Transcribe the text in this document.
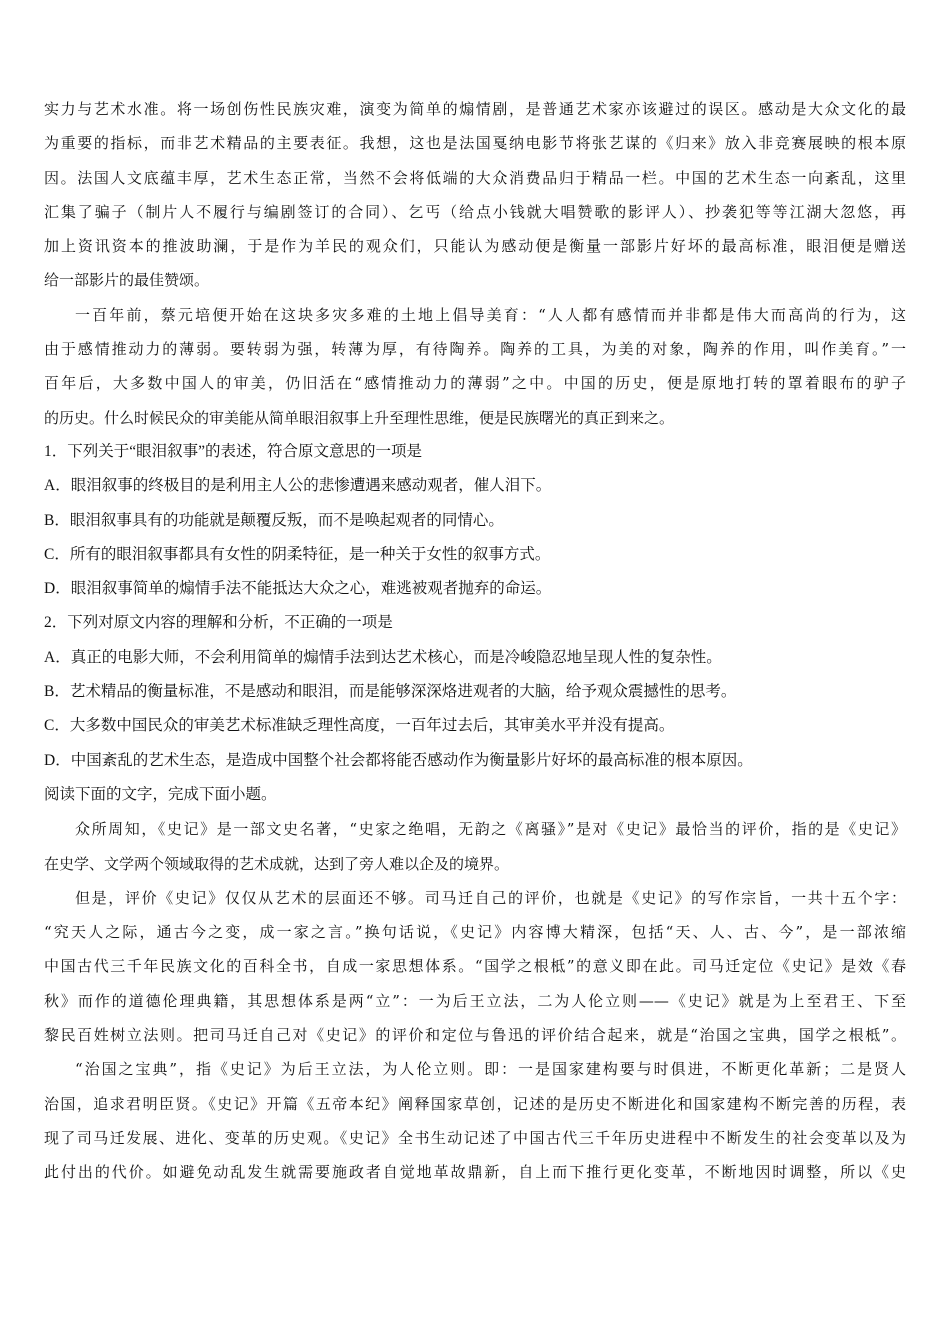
实力与艺术水准。将一场创伤性民族灾难，演变为简单的煽情剧，是普通艺术家亦该避过的误区。感动是大众文化的最
为重要的指标，而非艺术精品的主要表征。我想，这也是法国戛纳电影节将张艺谋的《归来》放入非竞赛展映的根本原
因。法国人文底蕴丰厚，艺术生态正常，当然不会将低端的大众消费品归于精品一栏。中国的艺术生态一向紊乱，这里
汇集了骗子（制片人不履行与编剧签订的合同）、乞丐（给点小钱就大唱赞歌的影评人）、抄袭犯等等江湖大忽悠，再
加上资讯资本的推波助澜，于是作为羊民的观众们，只能认为感动便是衡量一部影片好坏的最高标准，眼泪便是赠送
给一部影片的最佳赞颂。
一百年前，蔡元培便开始在这块多灾多难的土地上倡导美育：“人人都有感情而并非都是伟大而高尚的行为，这
由于感情推动力的薄弱。要转弱为强，转薄为厚，有待陶养。陶养的工具，为美的对象，陶养的作用，叫作美育。”一
百年后，大多数中国人的审美，仍旧活在“感情推动力的薄弱”之中。中国的历史，便是原地打转的罩着眼布的驴子
的历史。什么时候民众的审美能从简单眼泪叙事上升至理性思维，便是民族曙光的真正到来之。
1．下列关于“眼泪叙事”的表述，符合原文意思的一项是
A．眼泪叙事的终极目的是利用主人公的悲惨遭遇来感动观者，催人泪下。
B．眼泪叙事具有的功能就是颠覆反叛，而不是唤起观者的同情心。
C．所有的眼泪叙事都具有女性的阴柔特征，是一种关于女性的叙事方式。
D．眼泪叙事简单的煽情手法不能抵达大众之心，难逃被观者抛弃的命运。
2．下列对原文内容的理解和分析，不正确的一项是
A．真正的电影大师，不会利用简单的煽情手法到达艺术核心，而是冷峻隐忍地呈现人性的复杂性。
B．艺术精品的衡量标准，不是感动和眼泪，而是能够深深烙进观者的大脑，给予观众震撼性的思考。
C．大多数中国民众的审美艺术标准缺乏理性高度，一百年过去后，其审美水平并没有提高。
D．中国紊乱的艺术生态，是造成中国整个社会都将能否感动作为衡量影片好坏的最高标准的根本原因。
阅读下面的文字，完成下面小题。
众所周知，《史记》是一部文史名著，“史家之绝唱，无韵之《离骚》”是对《史记》最恰当的评价，指的是《史记》
在史学、文学两个领域取得的艺术成就，达到了旁人难以企及的境界。
但是，评价《史记》仅仅从艺术的层面还不够。司马迁自己的评价，也就是《史记》的写作宗旨，一共十五个字：
“究天人之际，通古今之变，成一家之言。”换句话说，《史记》内容博大精深，包括“天、人、古、今”，是一部浓缩
中国古代三千年民族文化的百科全书，自成一家思想体系。“国学之根柢”的意义即在此。司马迁定位《史记》是效《春
秋》而作的道德伦理典籍，其思想体系是两“立”：一为后王立法，二为人伦立则——《史记》就是为上至君王、下至
黎民百姓树立法则。把司马迁自己对《史记》的评价和定位与鲁迅的评价结合起来，就是“治国之宝典，国学之根柢”。
“治国之宝典”，指《史记》为后王立法，为人伦立则。即：一是国家建构要与时俱进，不断更化革新；二是贤人
治国，追求君明臣贤。《史记》开篇《五帝本纪》阐释国家草创，记述的是历史不断进化和国家建构不断完善的历程，表
现了司马迁发展、进化、变革的历史观。《史记》全书生动记述了中国古代三千年历史进程中不断发生的社会变革以及为
此付出的代价。如避免动乱发生就需要施政者自觉地革故鼎新，自上而下推行更化变革，不断地因时调整，所以《史
